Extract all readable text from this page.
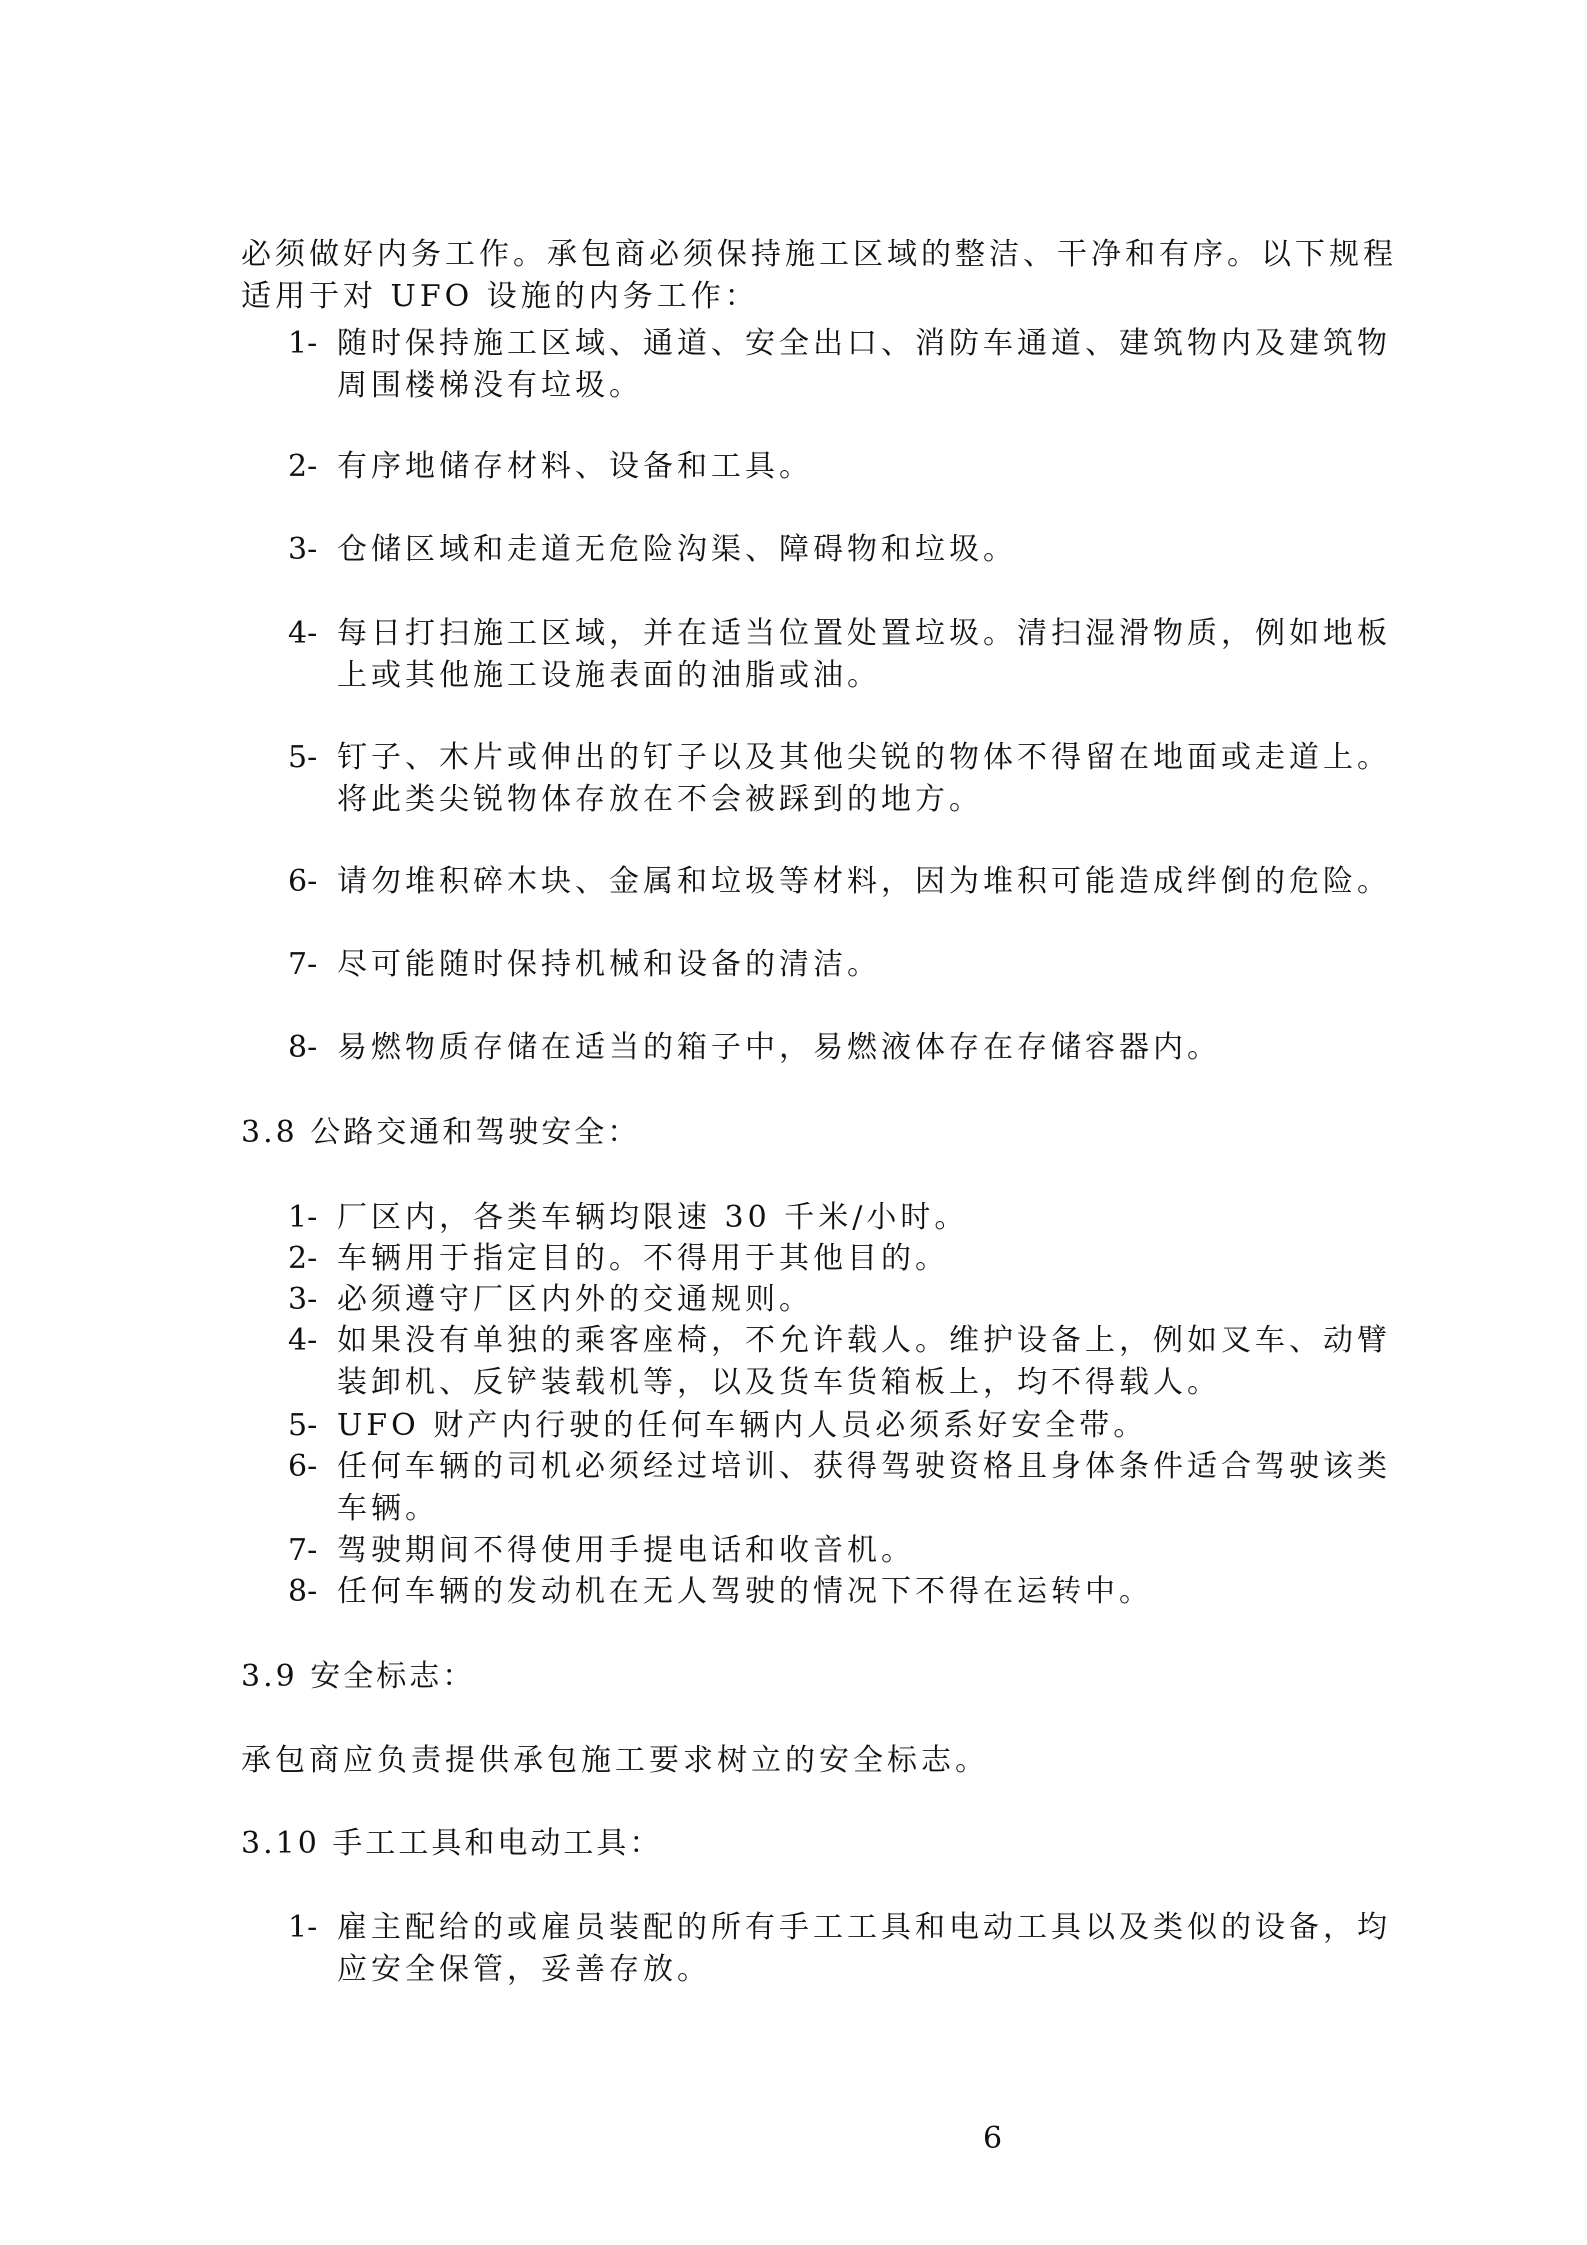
必须做好内务工作。承包商必须保持施工区域的整洁、干净和有序。以下规程
适用于对 UFO 设施的内务工作：
1- 随时保持施工区域、通道、安全出口、消防车通道、建筑物内及建筑物
周围楼梯没有垃圾。
2- 有序地储存材料、设备和工具。
3- 仓储区域和走道无危险沟渠、障碍物和垃圾。
4- 每日打扫施工区域，并在适当位置处置垃圾。清扫湿滑物质，例如地板
上或其他施工设施表面的油脂或油。
5- 钉子、木片或伸出的钉子以及其他尖锐的物体不得留在地面或走道上。
将此类尖锐物体存放在不会被踩到的地方。
6- 请勿堆积碎木块、金属和垃圾等材料，因为堆积可能造成绊倒的危险。
7- 尽可能随时保持机械和设备的清洁。
8- 易燃物质存储在适当的箱子中，易燃液体存在存储容器内。
3.8 公路交通和驾驶安全：
1- 厂区内，各类车辆均限速 30 千米/小时。
2- 车辆用于指定目的。不得用于其他目的。
3- 必须遵守厂区内外的交通规则。
4- 如果没有单独的乘客座椅，不允许载人。维护设备上，例如叉车、动臂
装卸机、反铲装载机等，以及货车货箱板上，均不得载人。
5- UFO 财产内行驶的任何车辆内人员必须系好安全带。
6- 任何车辆的司机必须经过培训、获得驾驶资格且身体条件适合驾驶该类
车辆。
7- 驾驶期间不得使用手提电话和收音机。
8- 任何车辆的发动机在无人驾驶的情况下不得在运转中。
3.9 安全标志：
承包商应负责提供承包施工要求树立的安全标志。
3.10 手工工具和电动工具：
1- 雇主配给的或雇员装配的所有手工工具和电动工具以及类似的设备，均
应安全保管，妥善存放。
6
